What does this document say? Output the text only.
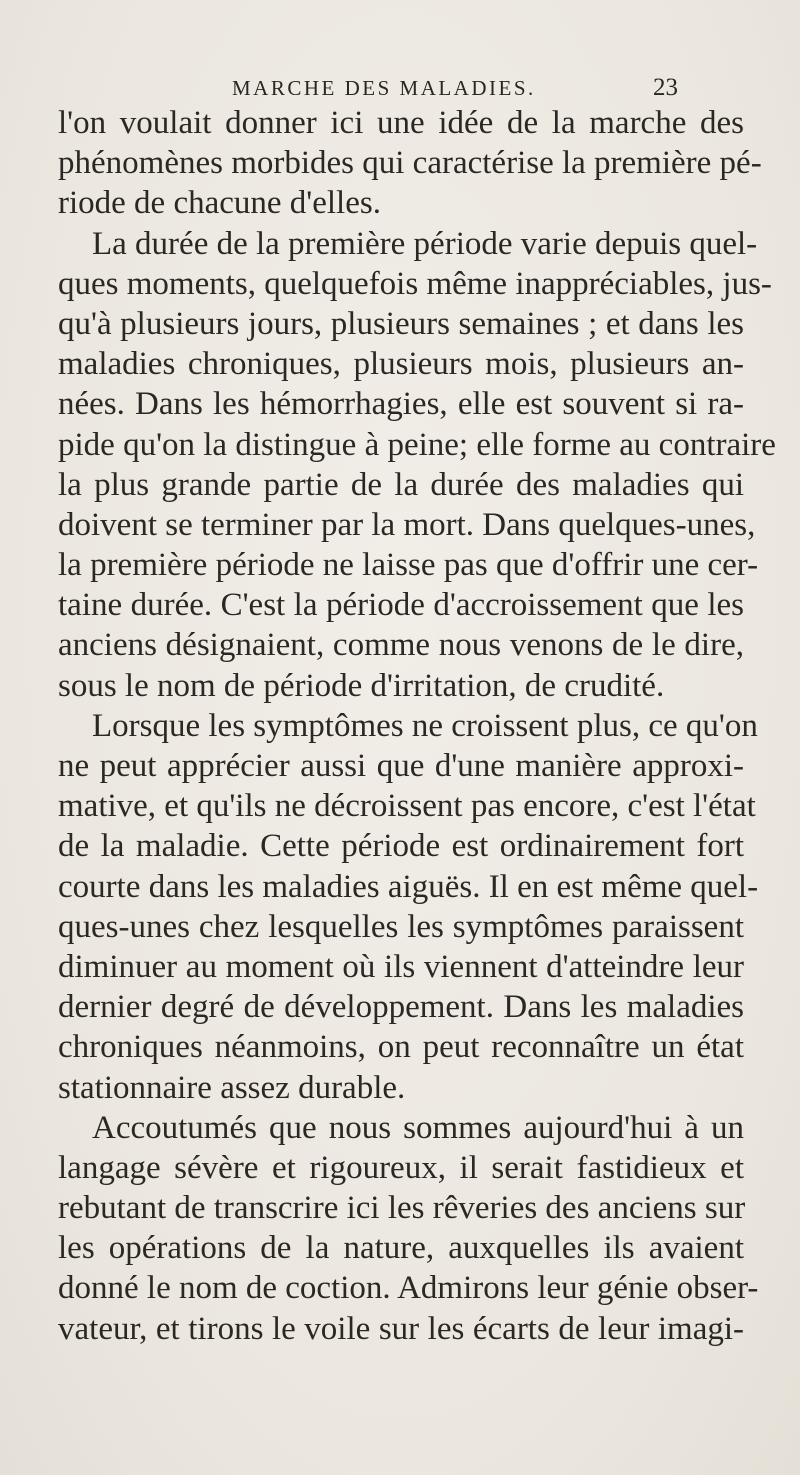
MARCHE DES MALADIES.	23
l'on voulait donner ici une idée de la marche des
phénomènes morbides qui caractérise la première pé-
riode de chacune d'elles.
La durée de la première période varie depuis quel-
ques moments, quelquefois même inappréciables, jus-
qu'à plusieurs jours, plusieurs semaines ; et dans les
maladies chroniques, plusieurs mois, plusieurs an-
nées. Dans les hémorrhagies, elle est souvent si ra-
pide qu'on la distingue à peine; elle forme au contraire
la plus grande partie de la durée des maladies qui
doivent se terminer par la mort. Dans quelques-unes,
la première période ne laisse pas que d'offrir une cer-
taine durée. C'est la période d'accroissement que les
anciens désignaient, comme nous venons de le dire,
sous le nom de période d'irritation, de crudité.
Lorsque les symptômes ne croissent plus, ce qu'on
ne peut apprécier aussi que d'une manière approxi-
mative, et qu'ils ne décroissent pas encore, c'est l'état
de la maladie. Cette période est ordinairement fort
courte dans les maladies aiguës. Il en est même quel-
ques-unes chez lesquelles les symptômes paraissent
diminuer au moment où ils viennent d'atteindre leur
dernier degré de développement. Dans les maladies
chroniques néanmoins, on peut reconnaître un état
stationnaire assez durable.
Accoutumés que nous sommes aujourd'hui à un
langage sévère et rigoureux, il serait fastidieux et
rebutant de transcrire ici les rêveries des anciens sur
les opérations de la nature, auxquelles ils avaient
donné le nom de coction. Admirons leur génie obser-
vateur, et tirons le voile sur les écarts de leur imagi-
